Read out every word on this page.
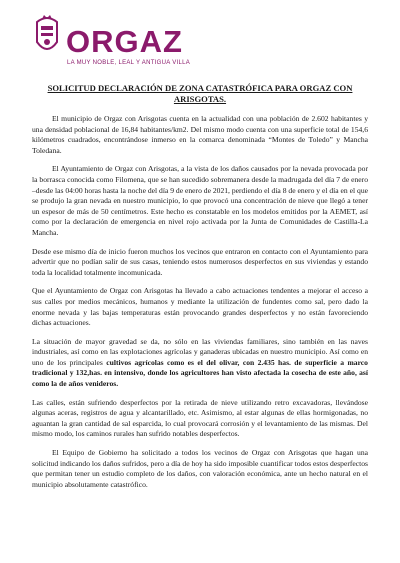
ORGAZ
LA MUY NOBLE, LEAL Y ANTIGUA VILLA
SOLICITUD DECLARACIÓN DE ZONA CATASTRÓFICA PARA ORGAZ CON
ARISGOTAS.

El municipio de Orgaz con Arisgotas cuenta en la actualidad con una población de 2.602 habitantes y una densidad poblacional de 16,84 habitantes/km2. Del mismo modo cuenta con una superficie total de 154,6 kilómetros cuadrados, encontrándose inmerso en la comarca denominada “Montes de Toledo” y Mancha Toledana.

El Ayuntamiento de Orgaz con Arisgotas, a la vista de los daños causados por la nevada provocada por la borrasca conocida como Filomena, que se han sucedido sobremanera desde la madrugada del día 7 de enero –desde las 04:00 horas hasta la noche del día 9 de enero de 2021, perdiendo el día 8 de enero y el día en el que se produjo la gran nevada en nuestro municipio, lo que provocó una concentración de nieve que llegó a tener un espesor de más de 50 centímetros. Este hecho es constatable en los modelos emitidos por la AEMET, así como por la declaración de emergencia en nivel rojo activada por la Junta de Comunidades de Castilla-La Mancha.

Desde ese mismo día de inicio fueron muchos los vecinos que entraron en contacto con el Ayuntamiento para advertir que no podían salir de sus casas, teniendo estos numerosos desperfectos en sus viviendas y estando toda la localidad totalmente incomunicada.

Que el Ayuntamiento de Orgaz con Arisgotas ha llevado a cabo actuaciones tendentes a mejorar el acceso a sus calles por medios mecánicos, humanos y mediante la utilización de fundentes como sal, pero dado la enorme nevada y las bajas temperaturas están provocando grandes desperfectos y no están favoreciendo dichas actuaciones.

La situación de mayor gravedad se da, no sólo en las viviendas familiares, sino también en las naves industriales, así como en las explotaciones agrícolas y ganaderas ubicadas en nuestro municipio. Así como en uno de los principales cultivos agrícolas como es el del olivar, con 2.435 has. de superficie a marco tradicional y 132,has. en intensivo, donde los agricultores han visto afectada la cosecha de este año, así como la de años venideros.

Las calles, están sufriendo desperfectos por la retirada de nieve utilizando retro excavadoras, llevándose algunas aceras, registros de agua y alcantarillado, etc. Asimismo, al estar algunas de ellas hormigonadas, no aguantan la gran cantidad de sal esparcida, lo cual provocará corrosión y el levantamiento de las mismas. Del mismo modo, los caminos rurales han sufrido notables desperfectos.

El Equipo de Gobierno ha solicitado a todos los vecinos de Orgaz con Arisgotas que hagan una solicitud indicando los daños sufridos, pero a día de hoy ha sido imposible cuantificar todos estos desperfectos que permitan tener un estudio completo de los daños, con valoración económica, ante un hecho natural en el municipio absolutamente catastrófico.
